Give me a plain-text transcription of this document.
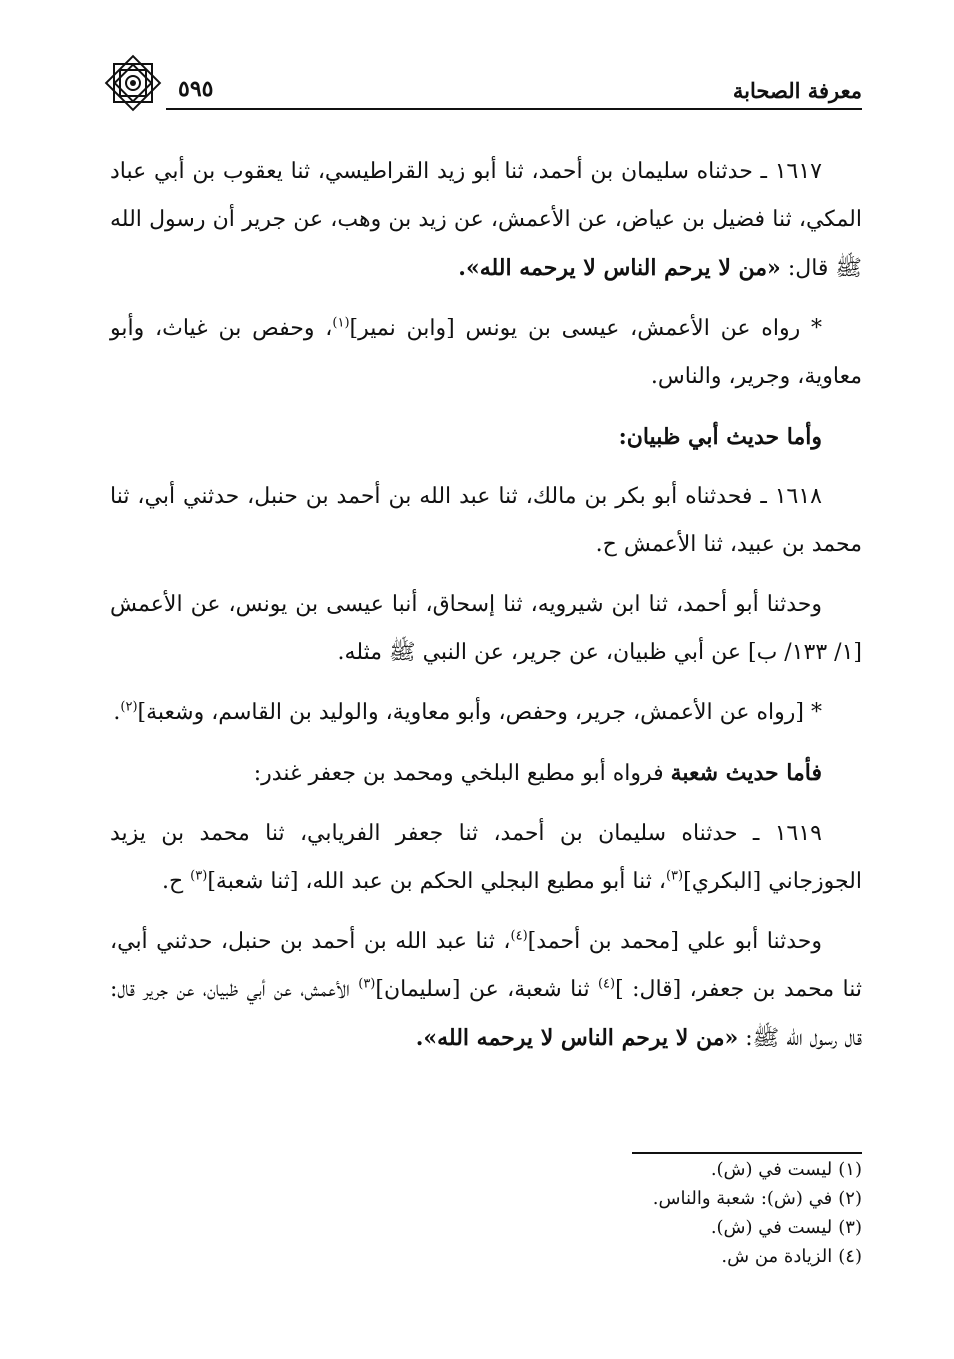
معرفة الصحابة
٥٩٥

١٦١٧ ـ حدثناه سليمان بن أحمد، ثنا أبو زيد القراطيسي، ثنا يعقوب بن أبي عباد المكي، ثنا فضيل بن عياض، عن الأعمش، عن زيد بن وهب، عن جرير أن رسول الله ﷺ قال: «من لا يرحم الناس لا يرحمه الله».

* رواه عن الأعمش، عيسى بن يونس [وابن نمير]$^{(١)}$، وحفص بن غياث، وأبو معاوية، وجرير، والناس.

وأما حديث أبي ظبيان:

١٦١٨ ـ فحدثناه أبو بكر بن مالك، ثنا عبد الله بن أحمد بن حنبل، حدثني أبي، ثنا محمد بن عبيد، ثنا الأعمش ح.

وحدثنا أبو أحمد، ثنا ابن شيرويه، ثنا إسحاق، أنبا عيسى بن يونس، عن الأعمش [١/ ١٣٣/ ب] عن أبي ظبيان، عن جرير، عن النبي ﷺ مثله.

* [رواه عن الأعمش، جرير، وحفص، وأبو معاوية، والوليد بن القاسم، وشعبة]$^{(٢)}$.

فأما حديث شعبة فرواه أبو مطيع البلخي ومحمد بن جعفر غندر:

١٦١٩ ـ حدثناه سليمان بن أحمد، ثنا جعفر الفريابي، ثنا محمد بن يزيد الجوزجاني [البكري]$^{(٣)}$، ثنا أبو مطيع البجلي الحكم بن عبد الله، [ثنا شعبة]$^{(٣)}$ ح.

وحدثنا أبو علي [محمد بن أحمد]$^{(٤)}$، ثنا عبد الله بن أحمد بن حنبل، حدثني أبي، ثنا محمد بن جعفر، [قال: ]$^{(٤)}$ ثنا شعبة، عن [سليمان]$^{(٣)}$ الأعمش، عن أبي ظبيان، عن جرير قال: قال رسول الله ﷺ: «من لا يرحم الناس لا يرحمه الله».

(١)ليست في (ش).
(٢)في (ش): شعبة والناس.
(٣)ليست في (ش).
(٤)الزيادة من ش.
